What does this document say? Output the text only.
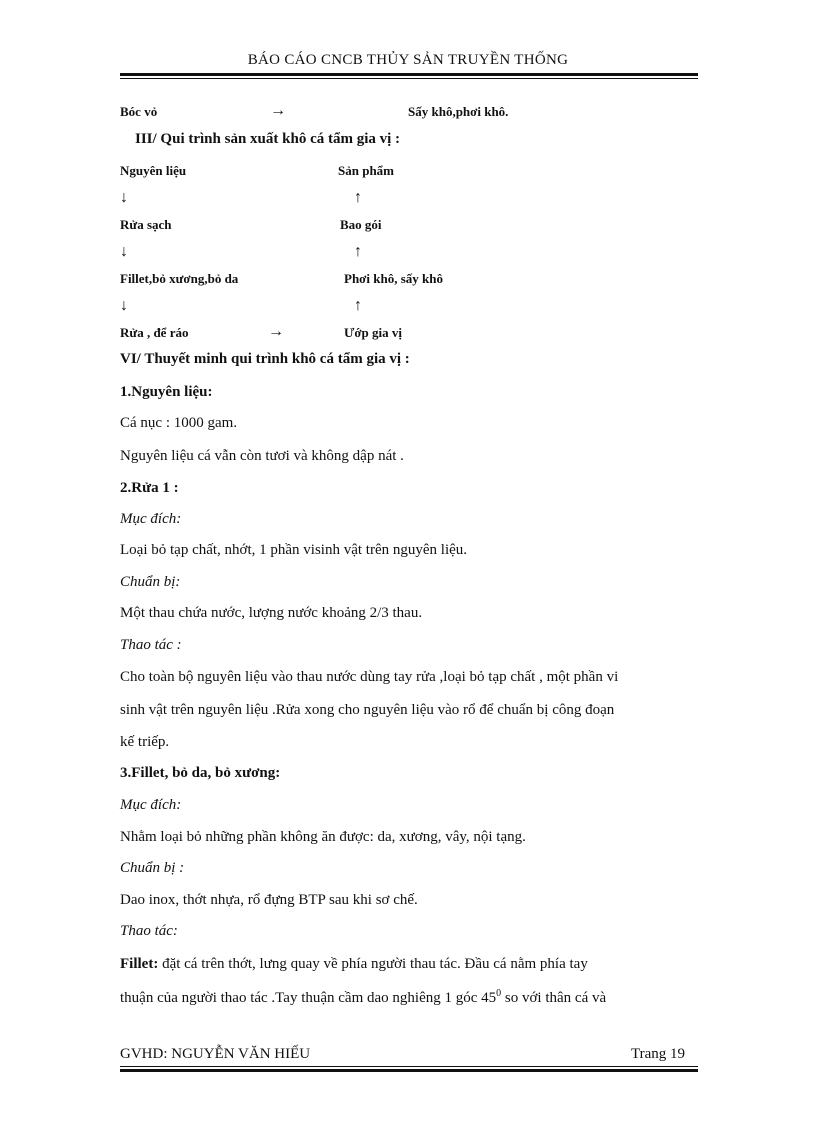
BÁO CÁO CNCB THỦY SẢN TRUYỀN THỐNG
Bóc vỏ	→	Sấy khô,phơi khô.
III/ Qui trình sản xuất khô cá tẩm gia vị :
Nguyên liệu	Sản phẩm
↓	↑
Rửa sạch	Bao gói
↓	↑
Fillet,bỏ xương,bỏ da	Phơi khô, sấy khô
↓	↑
Rửa , để ráo	→	Ướp gia vị
VI/ Thuyết minh qui trình khô cá tẩm gia vị :
1.Nguyên liệu:
Cá nục : 1000 gam.
Nguyên liệu cá vẫn còn tươi và không dập nát .
2.Rửa 1 :
Mục đích:
Loại bỏ tạp chất, nhớt, 1 phần visinh vật trên nguyên liệu.
Chuẩn bị:
Một thau chứa nước, lượng nước khoảng 2/3 thau.
Thao tác :
Cho toàn bộ nguyên liệu vào thau nước dùng tay rửa ,loại bỏ tạp chất , một phần vi
sinh vật trên nguyên liệu .Rửa xong cho nguyên liệu vào rổ để chuẩn bị công đoạn
kế triếp.
3.Fillet, bỏ da, bỏ xương:
Mục đích:
Nhằm loại bỏ những phần không ăn được: da, xương, vây, nội tạng.
Chuẩn bị :
Dao inox, thớt nhựa, rổ đựng BTP sau khi sơ chế.
Thao tác:
Fillet: đặt cá trên thớt, lưng quay về phía người thau tác. Đầu cá nằm phía tay
thuận của người thao tác .Tay thuận cầm dao nghiêng 1 góc $45^0$ so với thân cá và
GVHD: NGUYỄN VĂN HIẾU	Trang 19
